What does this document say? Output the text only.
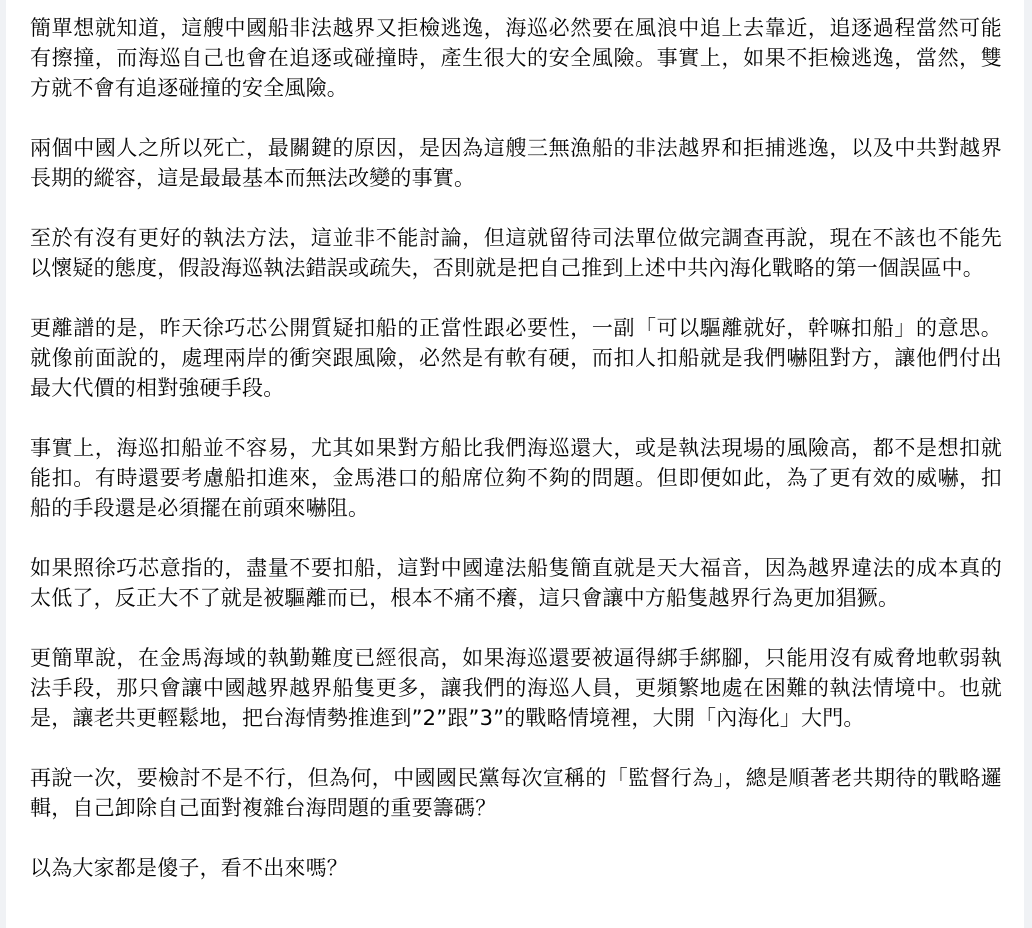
簡單想就知道，這艘中國船非法越界又拒檢逃逸，海巡必然要在風浪中追上去靠近，追逐過程當然可能有擦撞，而海巡自己也會在追逐或碰撞時，產生很大的安全風險。事實上，如果不拒檢逃逸，當然，雙方就不會有追逐碰撞的安全風險。

兩個中國人之所以死亡，最關鍵的原因，是因為這艘三無漁船的非法越界和拒捕逃逸，以及中共對越界長期的縱容，這是最最基本而無法改變的事實。

至於有沒有更好的執法方法，這並非不能討論，但這就留待司法單位做完調查再說，現在不該也不能先以懷疑的態度，假設海巡執法錯誤或疏失，否則就是把自己推到上述中共內海化戰略的第一個誤區中。

更離譜的是，昨天徐巧芯公開質疑扣船的正當性跟必要性，一副「可以驅離就好，幹嘛扣船」的意思。就像前面說的，處理兩岸的衝突跟風險，必然是有軟有硬，而扣人扣船就是我們嚇阻對方，讓他們付出最大代價的相對強硬手段。

事實上，海巡扣船並不容易，尤其如果對方船比我們海巡還大，或是執法現場的風險高，都不是想扣就能扣。有時還要考慮船扣進來，金馬港口的船席位夠不夠的問題。但即便如此，為了更有效的威嚇，扣船的手段還是必須擺在前頭來嚇阻。

如果照徐巧芯意指的，盡量不要扣船，這對中國違法船隻簡直就是天大福音，因為越界違法的成本真的太低了，反正大不了就是被驅離而已，根本不痛不癢，這只會讓中方船隻越界行為更加猖獗。

更簡單說，在金馬海域的執勤難度已經很高，如果海巡還要被逼得綁手綁腳，只能用沒有威脅地軟弱執法手段，那只會讓中國越界越界船隻更多，讓我們的海巡人員，更頻繁地處在困難的執法情境中。也就是，讓老共更輕鬆地，把台海情勢推進到”2”跟”3”的戰略情境裡，大開「內海化」大門。

再說一次，要檢討不是不行，但為何，中國國民黨每次宣稱的「監督行為」，總是順著老共期待的戰略邏輯，自己卸除自己面對複雜台海問題的重要籌碼？

以為大家都是傻子，看不出來嗎？
